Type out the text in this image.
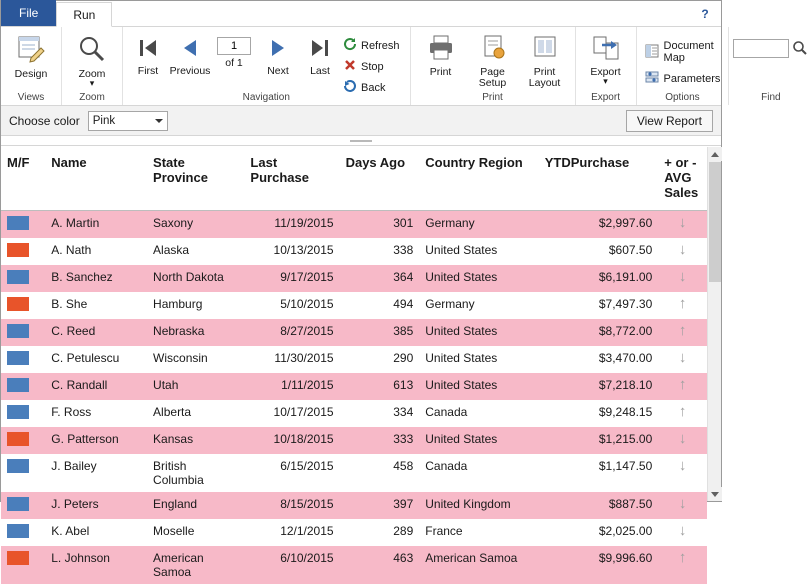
File	Run	?
Design
Views
Zoom
▾
Zoom
First Previous
1
of 1
Next Last
Refresh
Stop
Back
Navigation
Print	Page Setup
Print Layout
Print
Export
▾
Export
Document Map
Parameters
Options	Find
Choose color Pink	View Report
M/F	Name	State Province	Last Purchase	Days Ago	Country Region	YTDPurchase	+ or - AVG Sales
	A. Martin	Saxony	11/19/2015	301	Germany	$2,997.60	↓
	A. Nath	Alaska	10/13/2015	338	United States	$607.50	↓
	B. Sanchez	North Dakota	9/17/2015	364	United States	$6,191.00	↓
	B. She	Hamburg	5/10/2015	494	Germany	$7,497.30	↑
	C. Reed	Nebraska	8/27/2015	385	United States	$8,772.00	↑
	C. Petulescu	Wisconsin	11/30/2015	290	United States	$3,470.00	↓
	C. Randall	Utah	1/11/2015	613	United States	$7,218.10	↑
	F. Ross	Alberta	10/17/2015	334	Canada	$9,248.15	↑
	G. Patterson	Kansas	10/18/2015	333	United States	$1,215.00	↓
	J. Bailey	British Columbia	6/15/2015	458	Canada	$1,147.50	↓
	J. Peters	England	8/15/2015	397	United Kingdom	$887.50	↓
	K. Abel	Moselle	12/1/2015	289	France	$2,025.00	↓
	L. Johnson	American Samoa	6/10/2015	463	American Samoa	$9,996.60	↑
